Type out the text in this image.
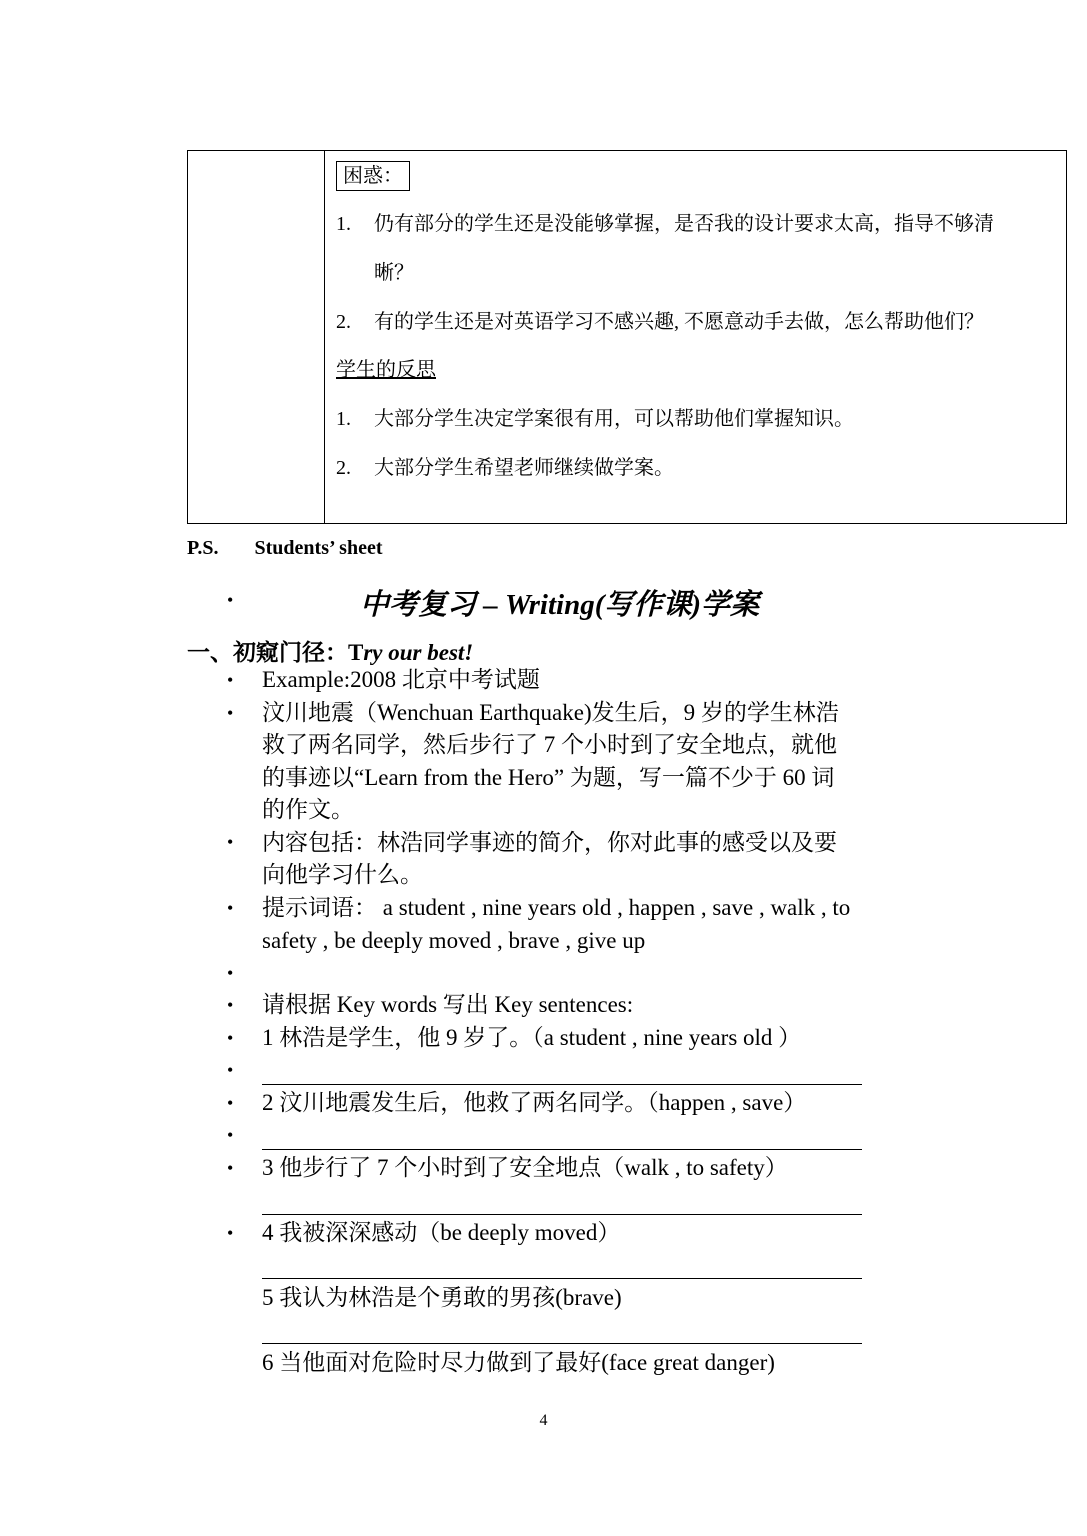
困惑：
1. 仍有部分的学生还是没能够掌握，是否我的设计要求太高，指导不够清
晰？
2. 有的学生还是对英语学习不感兴趣, 不愿意动手去做，怎么帮助他们？
学生的反思
1. 大部分学生决定学案很有用，可以帮助他们掌握知识。
2. 大部分学生希望老师继续做学案。
P.S. Students’ sheet
•	中考复习 – Writing(写作课)学案
一、初窥门径：Try our best!
• Example:2008 北京中考试题
• 汶川地震（Wenchuan Earthquake)发生后，9 岁的学生林浩
救了两名同学，然后步行了 7 个小时到了安全地点，就他
的事迹以“Learn from the Hero” 为题，写一篇不少于 60 词
的作文。
• 内容包括：林浩同学事迹的简介，你对此事的感受以及要
向他学习什么。
• 提示词语： a student , nine years old , happen , save , walk , to
safety , be deeply moved , brave , give up
•
• 请根据 Key words 写出 Key sentences:
• 1 林浩是学生，他 9 岁了。（a student , nine years old ）
•
• 2 汶川地震发生后，他救了两名同学。（happen , save）
•
• 3 他步行了 7 个小时到了安全地点（walk , to safety）
• 4 我被深深感动（be deeply moved）
5 我认为林浩是个勇敢的男孩(brave)
6 当他面对危险时尽力做到了最好(face great danger)
4
